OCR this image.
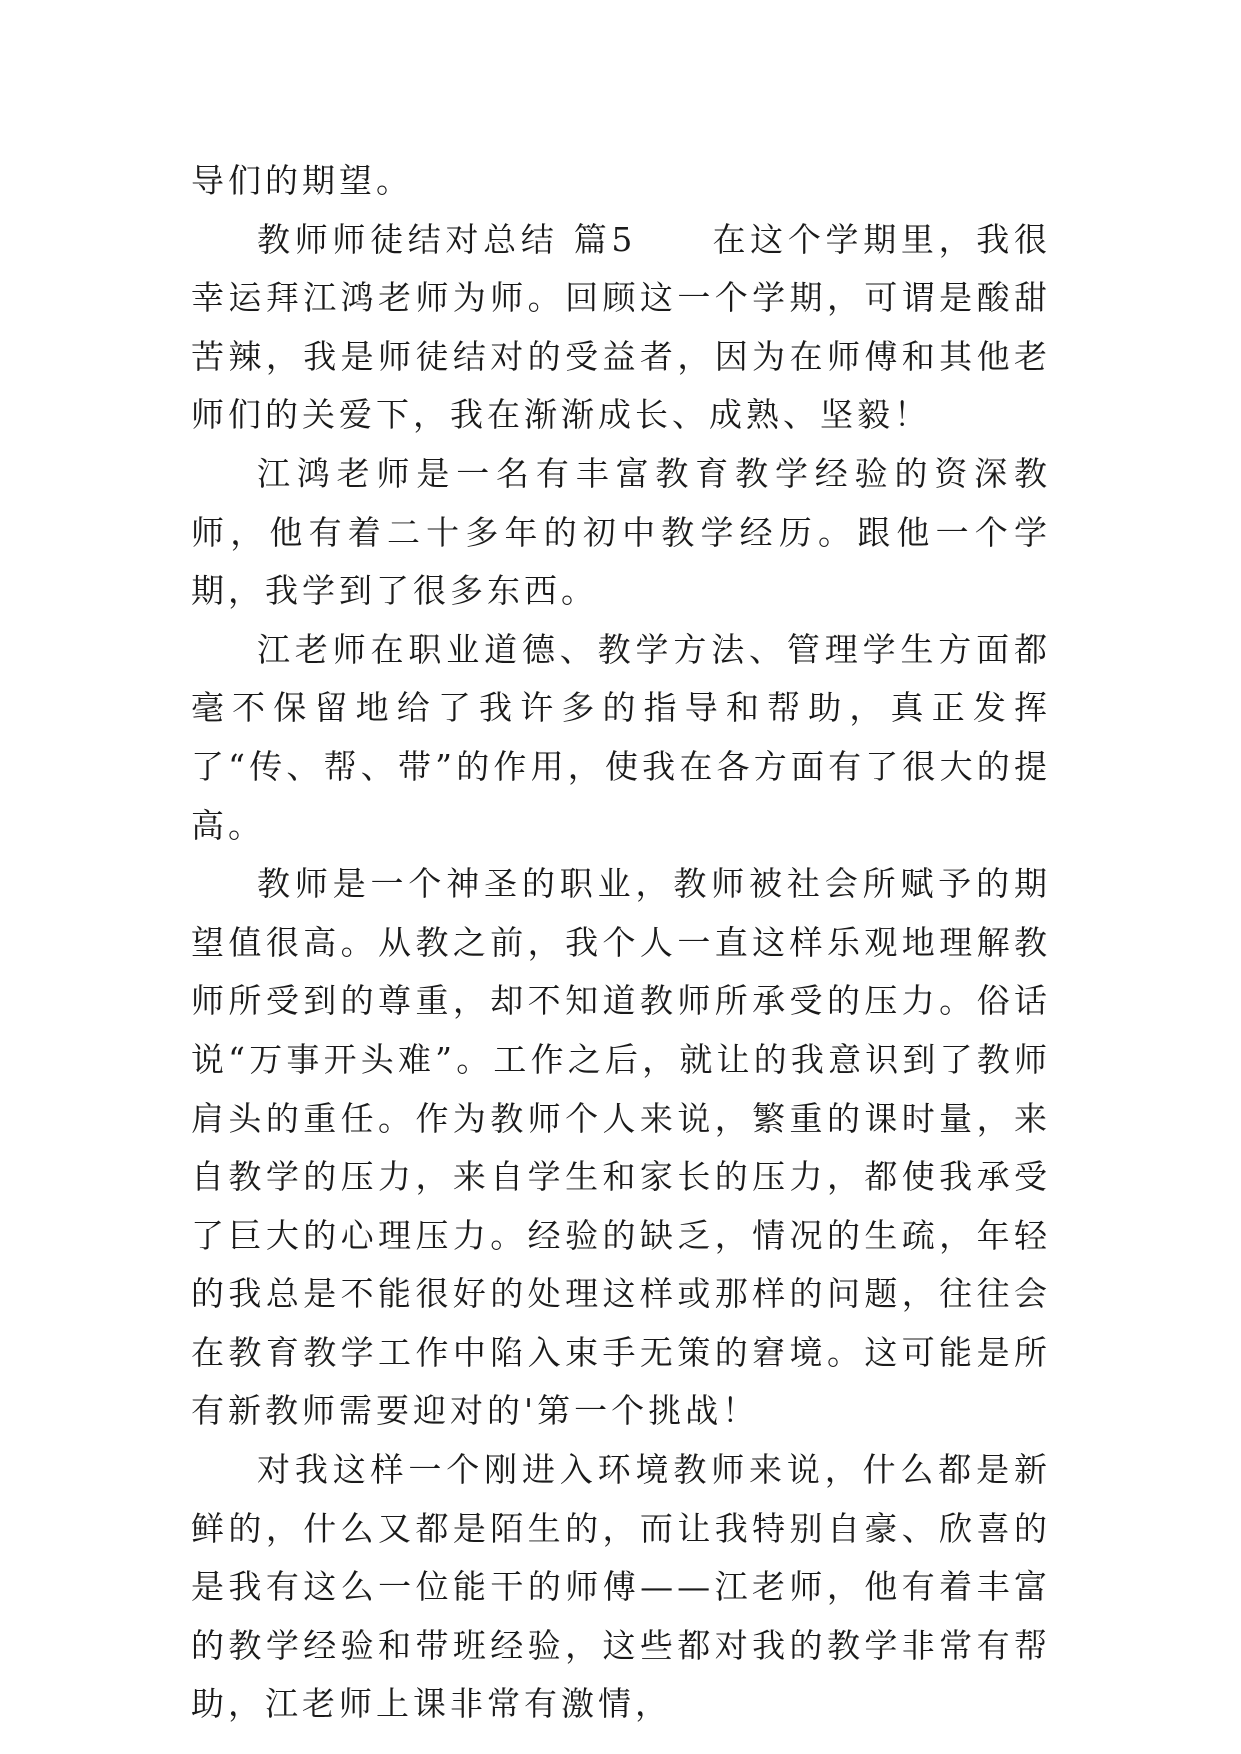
导们的期望。

教师师徒结对总结 篇5　　在这个学期里，我很幸运拜江鸿老师为师。回顾这一个学期，可谓是酸甜苦辣，我是师徒结对的受益者，因为在师傅和其他老师们的关爱下，我在渐渐成长、成熟、坚毅！

江鸿老师是一名有丰富教育教学经验的资深教师，他有着二十多年的初中教学经历。跟他一个学期，我学到了很多东西。

江老师在职业道德、教学方法、管理学生方面都毫不保留地给了我许多的指导和帮助，真正发挥了“传、帮、带”的作用，使我在各方面有了很大的提高。

教师是一个神圣的职业，教师被社会所赋予的期望值很高。从教之前，我个人一直这样乐观地理解教师所受到的尊重，却不知道教师所承受的压力。俗话说“万事开头难”。工作之后，就让的我意识到了教师肩头的重任。作为教师个人来说，繁重的课时量，来自教学的压力，来自学生和家长的压力，都使我承受了巨大的心理压力。经验的缺乏，情况的生疏，年轻的我总是不能很好的处理这样或那样的问题，往往会在教育教学工作中陷入束手无策的窘境。这可能是所有新教师需要迎对的'第一个挑战！

对我这样一个刚进入环境教师来说，什么都是新鲜的，什么又都是陌生的，而让我特别自豪、欣喜的是我有这么一位能干的师傅——江老师，他有着丰富的教学经验和带班经验，这些都对我的教学非常有帮助，江老师上课非常有激情，
